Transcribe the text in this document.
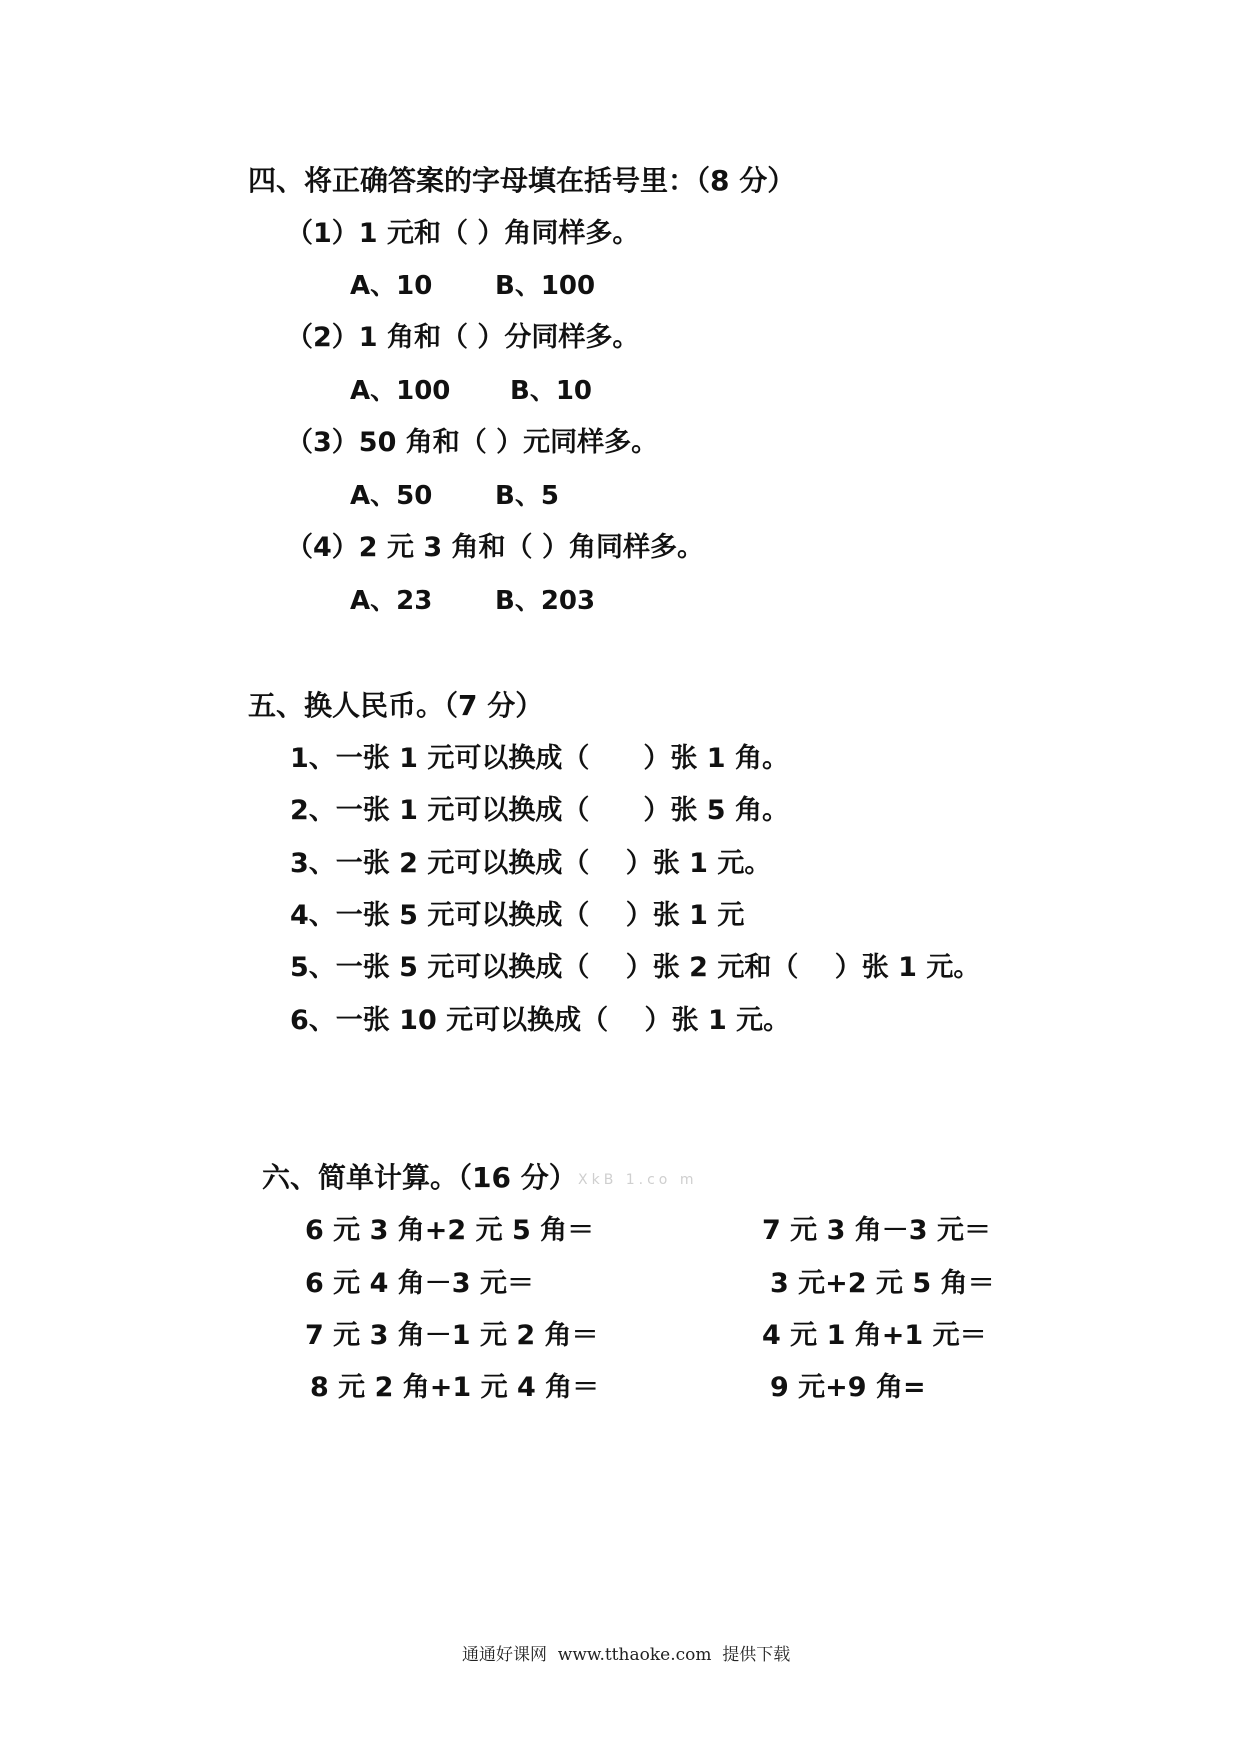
四、将正确答案的字母填在括号里：（8 分）
（1）1 元和（ ）角同样多。
A、10 B、100
（2）1 角和（ ）分同样多。
A、100 B、10
（3）50 角和（ ）元同样多。
A、50 B、5
（4）2 元 3 角和（ ）角同样多。
A、23 B、203
五、换人民币。（7 分）
1、一张 1 元可以换成（　　）张 1 角。
2、一张 1 元可以换成（　　）张 5 角。
3、一张 2 元可以换成（　 ）张 1 元。
4、一张 5 元可以换成（　 ）张 1 元
5、一张 5 元可以换成（　 ）张 2 元和（　 ）张 1 元。
6、一张 10 元可以换成（　 ）张 1 元。
六、简单计算。（16 分） XkB 1.co m
6 元 3 角+2 元 5 角＝
6 元 4 角－3 元＝
7 元 3 角－1 元 2 角＝
8 元 2 角+1 元 4 角＝
7 元 3 角－3 元＝
3 元+2 元 5 角＝
4 元 1 角+1 元＝
9 元+9 角=
通通好课网  www.tthaoke.com  提供下载
